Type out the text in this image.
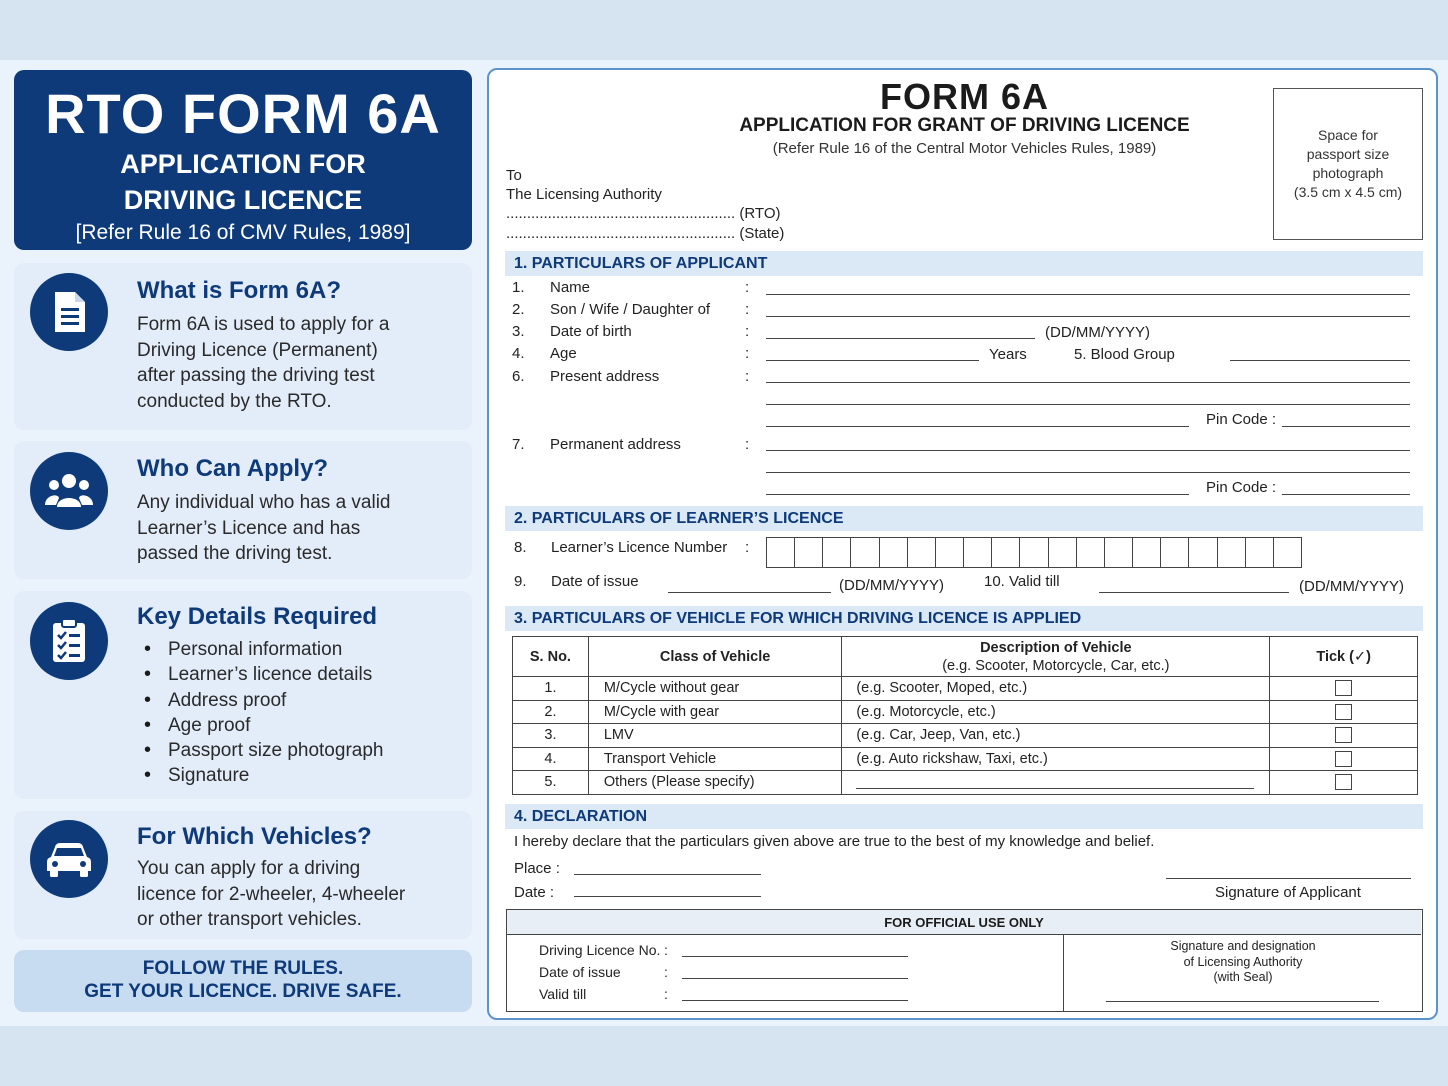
RTO FORM 6A
APPLICATION FOR
DRIVING LICENCE
[Refer Rule 16 of CMV Rules, 1989]
What is Form 6A?
Form 6A is used to apply for a
Driving Licence (Permanent)
after passing the driving test
conducted by the RTO.
Who Can Apply?
Any individual who has a valid
Learner’s Licence and has
passed the driving test.
Key Details Required
• Personal information
• Learner’s licence details
• Address proof
• Age proof
• Passport size photograph
• Signature
For Which Vehicles?
You can apply for a driving
licence for 2-wheeler, 4-wheeler
or other transport vehicles.
FOLLOW THE RULES.
GET YOUR LICENCE. DRIVE SAFE.
FORM 6A
APPLICATION FOR GRANT OF DRIVING LICENCE
(Refer Rule 16 of the Central Motor Vehicles Rules, 1989)
Space for
passport size
photograph
(3.5 cm x 4.5 cm)
To
The Licensing Authority
....................................................... (RTO)
....................................................... (State)
1. PARTICULARS OF APPLICANT
1. Name	:
2. Son / Wife / Daughter of :
3. Date of birth	:	(DD/MM/YYYY)
4. Age	:	Years	5. Blood Group
6. Present address	:
Pin Code :
7. Permanent address	:
Pin Code :
2. PARTICULARS OF LEARNER’S LICENCE
8. Learner’s Licence Number :
9. Date of issue	(DD/MM/YYYY)	10. Valid till	(DD/MM/YYYY)
3. PARTICULARS OF VEHICLE FOR WHICH DRIVING LICENCE IS APPLIED
S. No.	Class of Vehicle	Description of Vehicle
(e.g. Scooter, Motorcycle, Car, etc.)	Tick (✓)
1.	M/Cycle without gear	(e.g. Scooter, Moped, etc.)	
2.	M/Cycle with gear	(e.g. Motorcycle, etc.)	
3.	LMV	(e.g. Car, Jeep, Van, etc.)	
4.	Transport Vehicle	(e.g. Auto rickshaw, Taxi, etc.)	
5.	Others (Please specify)	

4. DECLARATION
I hereby declare that the particulars given above are true to the best of my knowledge and belief.
Place :
Date :	Signature of Applicant
FOR OFFICIAL USE ONLY
Driving Licence No. :
Date of issue	:
Valid till	:
Signature and designation
of Licensing Authority
(with Seal)
